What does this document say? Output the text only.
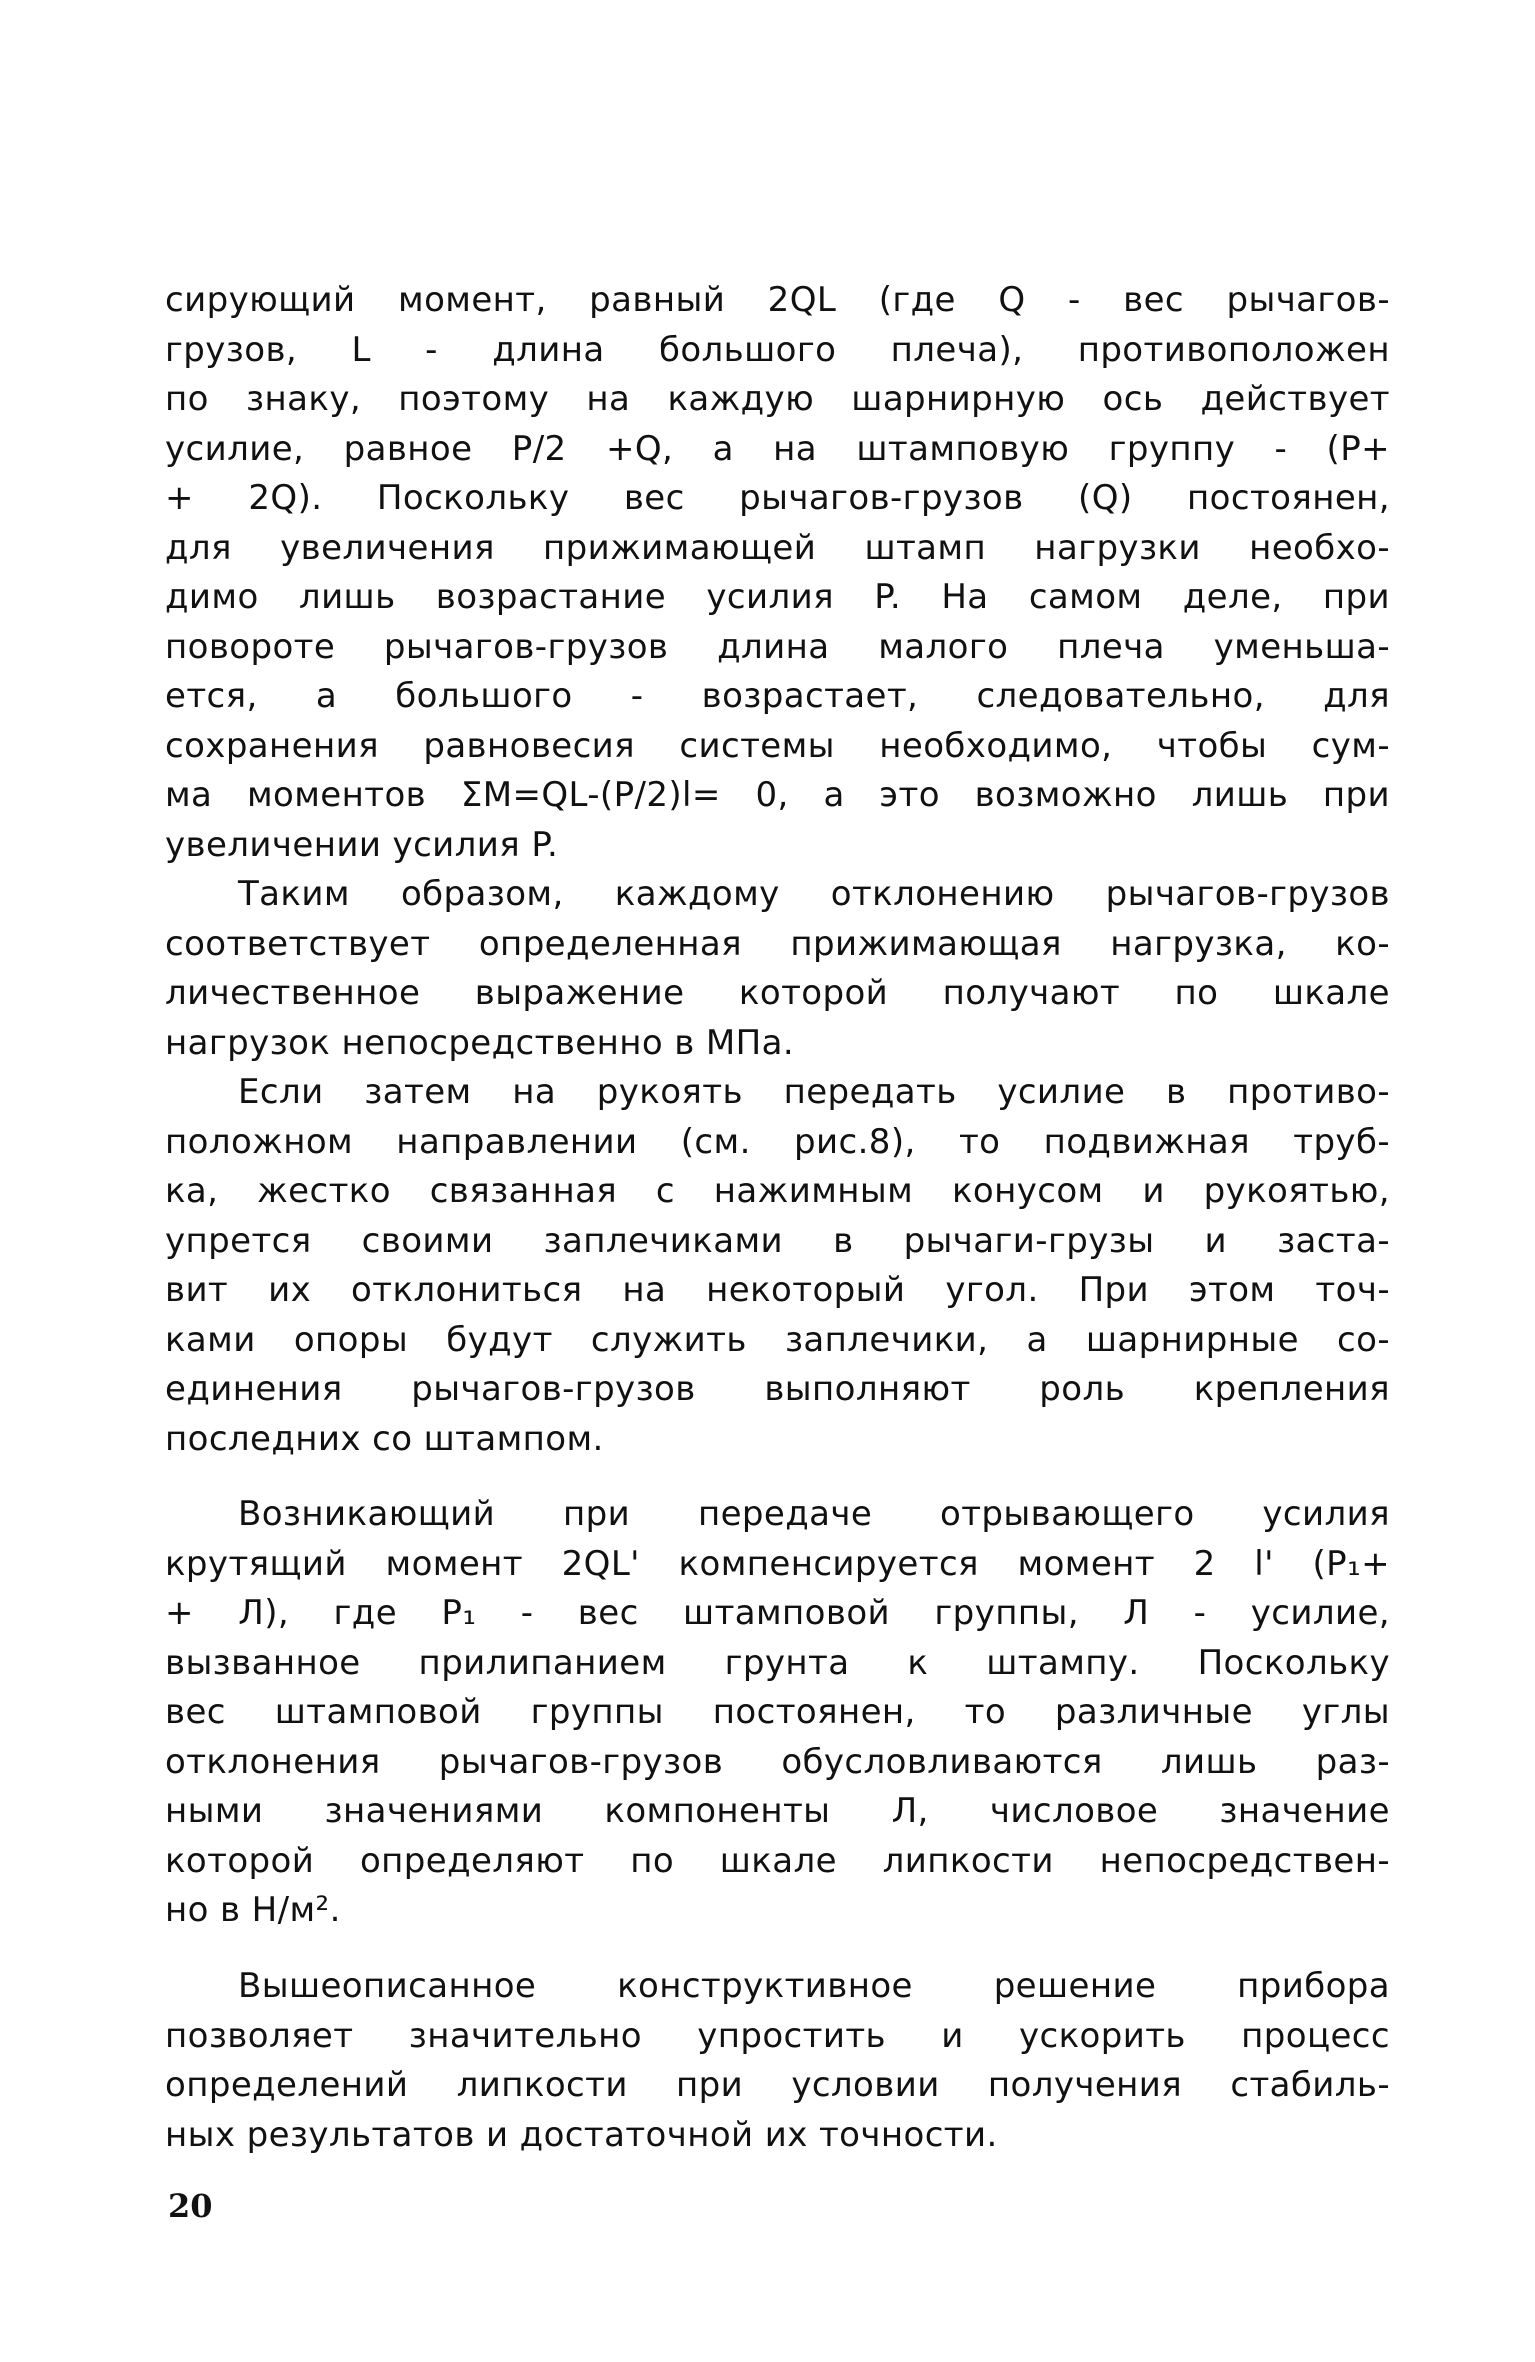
сирующий момент, равный 2QL (где Q - вес рычагов-
грузов, L - длина большого плеча), противоположен
по знаку, поэтому на каждую шарнирную ось действует
усилие, равное P/2 +Q, а на штамповую группу - (P+
+ 2Q). Поскольку вес рычагов-грузов (Q) постоянен,
для увеличения прижимающей штамп нагрузки необхо-
димо лишь возрастание усилия P. На самом деле, при
повороте рычагов-грузов длина малого плеча уменьша-
ется, а большого - возрастает, следовательно, для
сохранения равновесия системы необходимо, чтобы сум-
ма моментов ΣM=QL-(P/2)l= 0, а это возможно лишь при
увеличении усилия P.
Таким образом, каждому отклонению рычагов-грузов
соответствует определенная прижимающая нагрузка, ко-
личественное выражение которой получают по шкале
нагрузок непосредственно в МПа.
Если затем на рукоять передать усилие в противо-
положном направлении (см. рис.8), то подвижная труб-
ка, жестко связанная с нажимным конусом и рукоятью,
упрется своими заплечиками в рычаги-грузы и заста-
вит их отклониться на некоторый угол. При этом точ-
ками опоры будут служить заплечики, а шарнирные со-
единения рычагов-грузов выполняют роль крепления
последних со штампом.
Возникающий при передаче отрывающего усилия
крутящий момент 2QL' компенсируется момент 2 l' (P₁+
+ Л), где P₁ - вес штамповой группы, Л - усилие,
вызванное прилипанием грунта к штампу. Поскольку
вес штамповой группы постоянен, то различные углы
отклонения рычагов-грузов обусловливаются лишь раз-
ными значениями компоненты Л, числовое значение
которой определяют по шкале липкости непосредствен-
но в Н/м².
Вышеописанное конструктивное решение прибора
позволяет значительно упростить и ускорить процесс
определений липкости при условии получения стабиль-
ных результатов и достаточной их точности.
20
